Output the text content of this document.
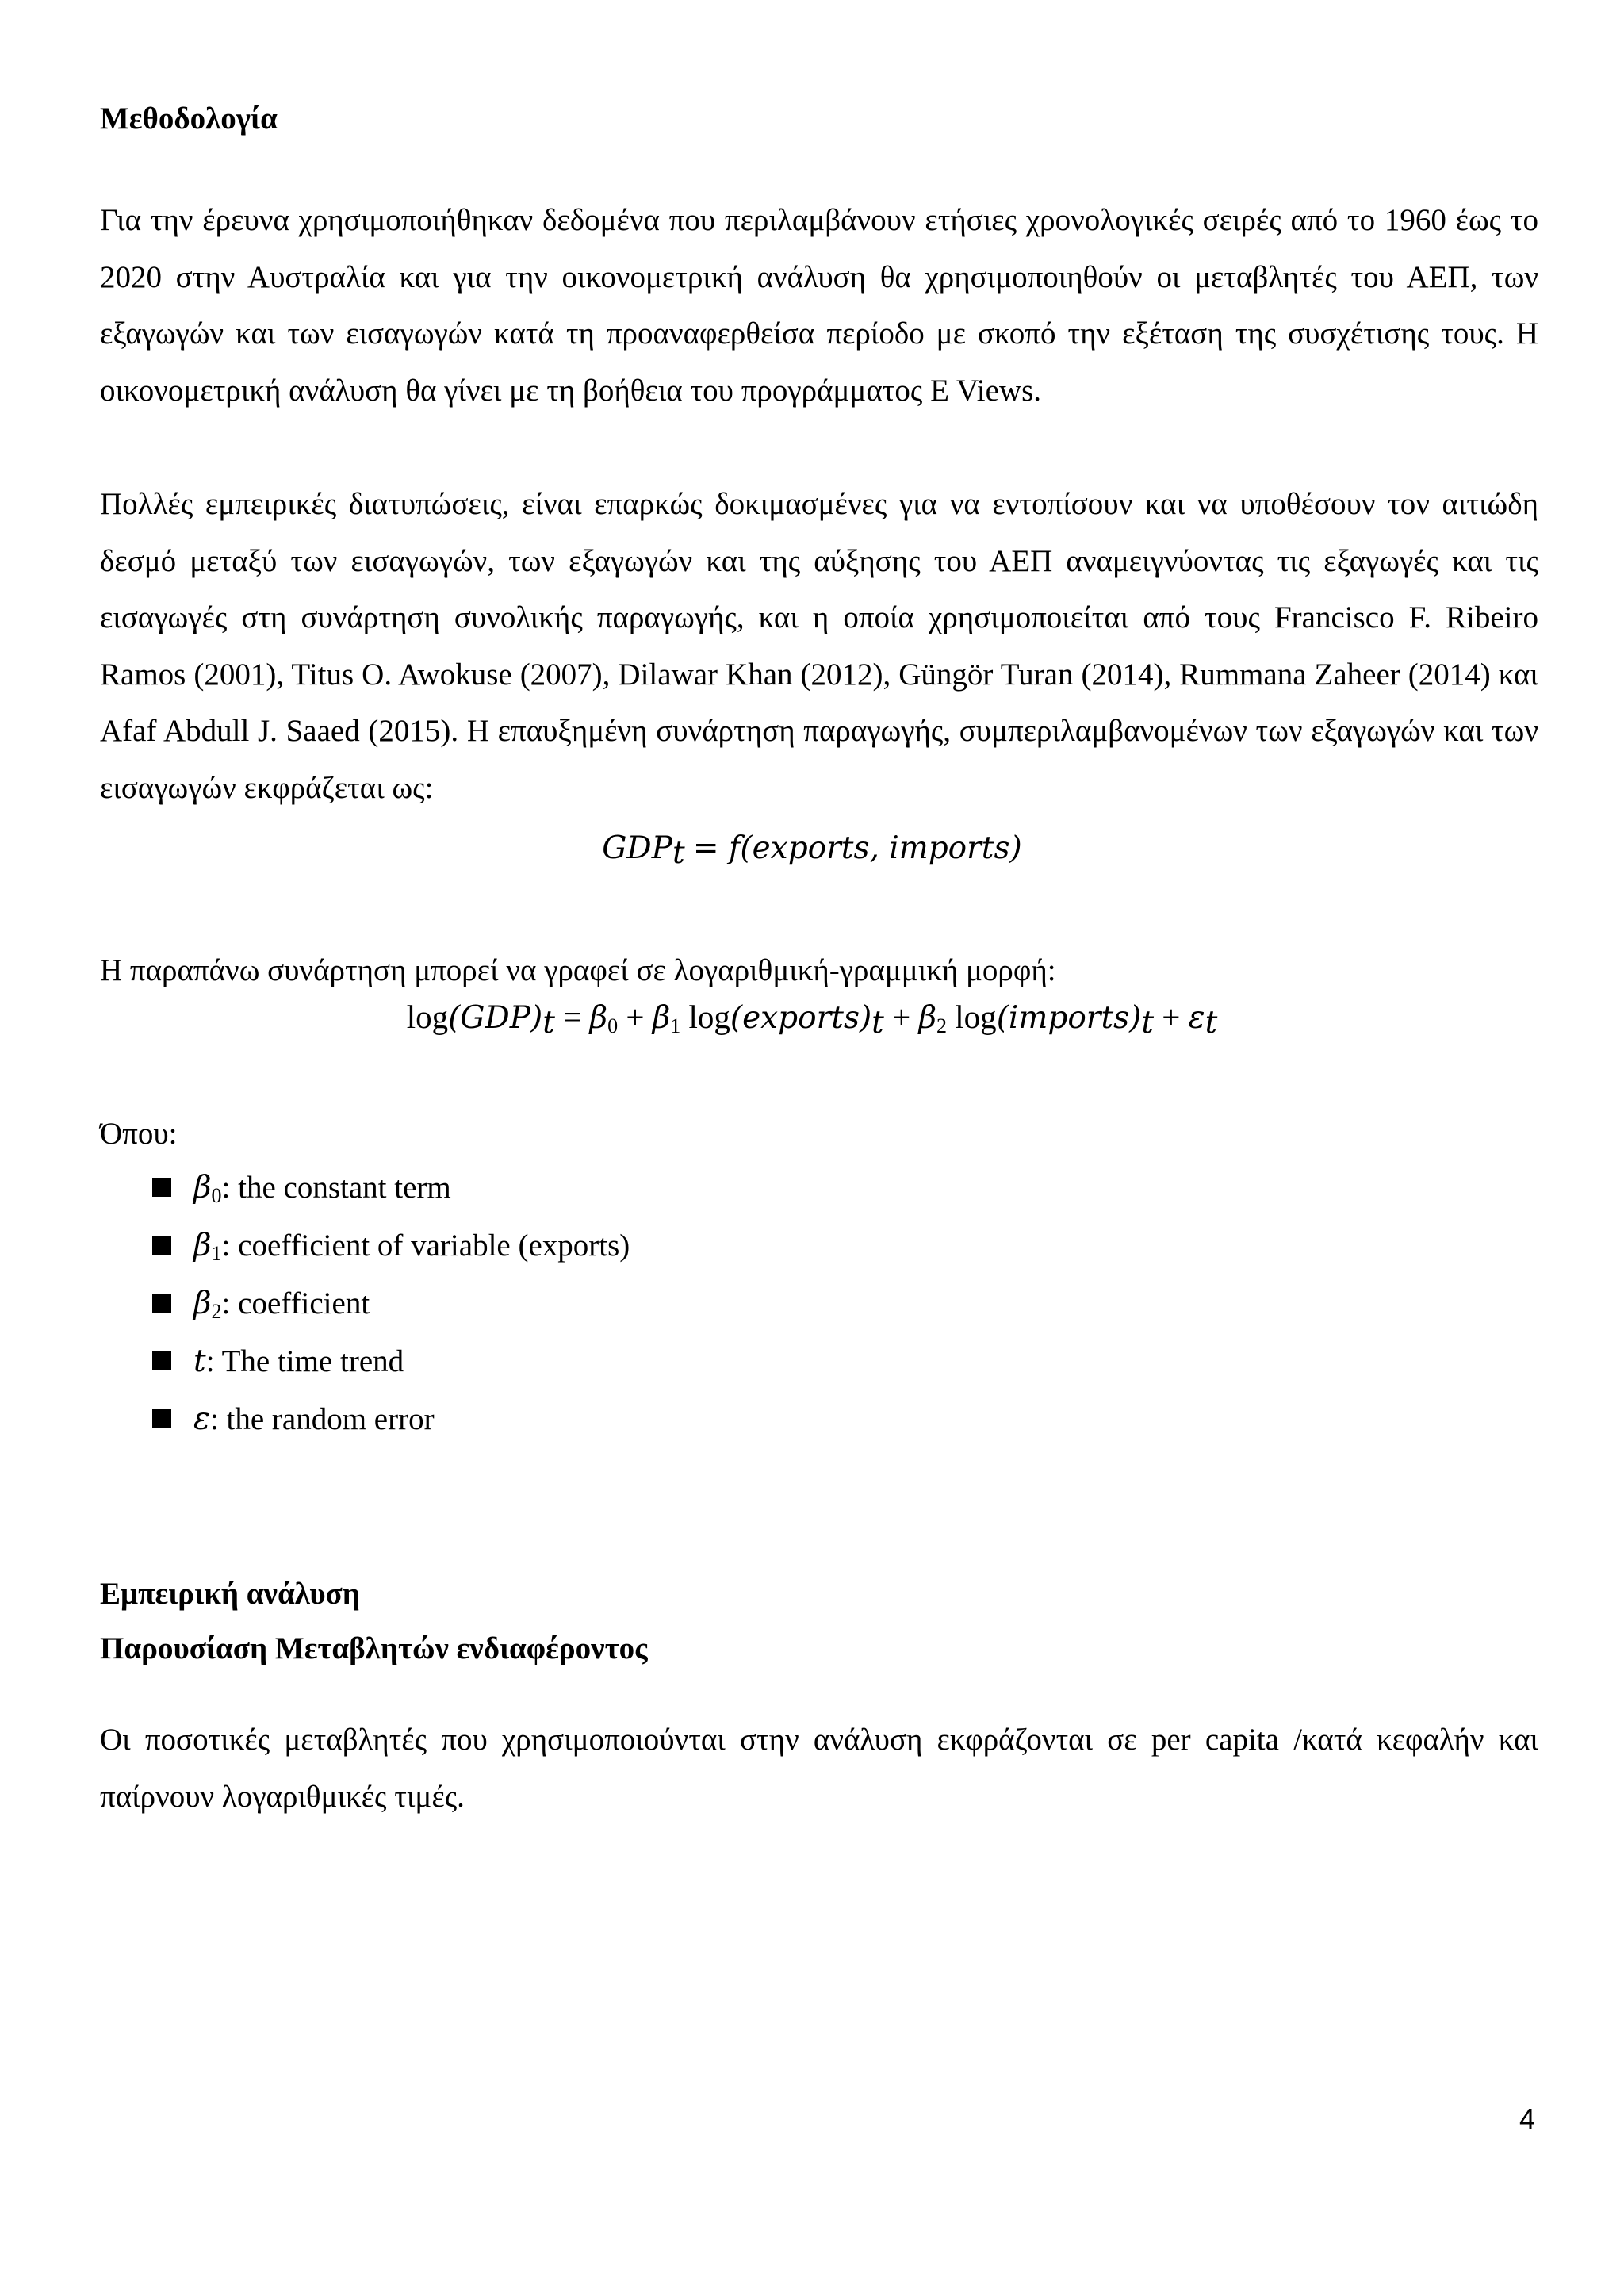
Μεθοδολογία

Για την έρευνα χρησιμοποιήθηκαν δεδομένα που περιλαμβάνουν ετήσιες χρονολογικές σειρές από το 1960 έως το 2020 στην Αυστραλία και για την οικονομετρική ανάλυση θα χρησιμοποιηθούν οι μεταβλητές του ΑΕΠ, των εξαγωγών και των εισαγωγών κατά τη προαναφερθείσα περίοδο με σκοπό την εξέταση της συσχέτισης τους. Η οικονομετρική ανάλυση θα γίνει με τη βοήθεια του προγράμματος E Views.

Πολλές εμπειρικές διατυπώσεις, είναι επαρκώς δοκιμασμένες για να εντοπίσουν και να υποθέσουν τον αιτιώδη δεσμό μεταξύ των εισαγωγών, των εξαγωγών και της αύξησης του ΑΕΠ αναμειγνύοντας τις εξαγωγές και τις εισαγωγές στη συνάρτηση συνολικής παραγωγής, και η οποία χρησιμοποιείται από τους Francisco F. Ribeiro Ramos (2001), Titus O. Awokuse (2007), Dilawar Khan (2012), Güngör Turan (2014), Rummana Zaheer (2014) και Afaf Abdull J. Saaed (2015). Η επαυξημένη συνάρτηση παραγωγής, συμπεριλαμβανομένων των εξαγωγών και των εισαγωγών εκφράζεται ως:

$GDP_t$ = f(exports, imports)

Η παραπάνω συνάρτηση μπορεί να γραφεί σε λογαριθμική-γραμμική μορφή:

$\log(GDP)_t = \beta_0 + \beta_1$ $\log(exports)_t + \beta_2$ $\log(imports)_t + \varepsilon_t$

Όπου:

$\beta_0$: the constant term
$\beta_1$: coefficient of variable (exports)
$\beta_2$: coefficient
t: The time trend
ε: the random error
Εμπειρική ανάλυση
Παρουσίαση Μεταβλητών ενδιαφέροντος

Οι ποσοτικές μεταβλητές που χρησιμοποιούνται στην ανάλυση εκφράζονται σε per capita /κατά κεφαλήν και παίρνουν λογαριθμικές τιμές.

4
